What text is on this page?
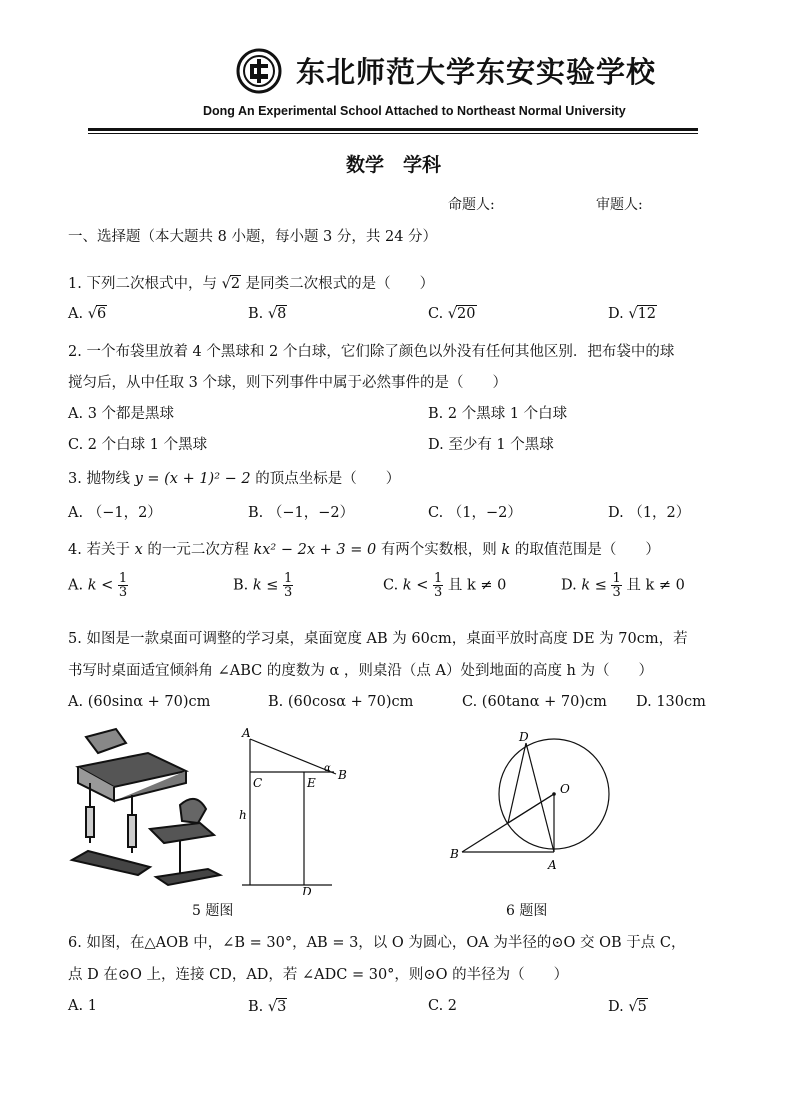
东北师范大学东安实验学校
Dong An Experimental School Attached to Northeast Normal University
数学　学科
命题人:	审题人:
一、选择题（本大题共 8 小题，每小题 3 分，共 24 分）
1. 下列二次根式中，与 √2 是同类二次根式的是（　　）
A. √6	B. √8	C. √20	D. √12
2. 一个布袋里放着 4 个黑球和 2 个白球，它们除了颜色以外没有任何其他区别．把布袋中的球
搅匀后，从中任取 3 个球，则下列事件中属于必然事件的是（　　）
A. 3 个都是黑球	B. 2 个黑球 1 个白球
C. 2 个白球 1 个黑球	D. 至少有 1 个黑球
3. 抛物线 y = (x + 1)² − 2 的顶点坐标是（　　）
A. （−1，2）	B. （−1，−2）	C. （1，−2）	D. （1，2）
4. 若关于 x 的一元二次方程 kx² − 2x + 3 = 0 有两个实数根，则 k 的取值范围是（　　）
A. $k < \frac{1}{3}$	B. $k \le \frac{1}{3}$	C. $k < \frac{1}{3}$ 且 k ≠ 0	D. $k \le \frac{1}{3}$ 且 k ≠ 0
5. 如图是一款桌面可调整的学习桌，桌面宽度 AB 为 60cm，桌面平放时高度 DE 为 70cm，若
书写时桌面适宜倾斜角 ∠ABC 的度数为 α ，则桌沿（点 A）处到地面的高度 h 为（　　）
A. (60sinα + 70)cm	B. (60cosα + 70)cm	C. (60tanα + 70)cm D. 130cm
A
B
C	E
D
h
α
5 题图
D
O
B
A
6 题图
6. 如图，在△AOB 中，∠B = 30°，AB = 3，以 O 为圆心，OA 为半径的⊙O 交 OB 于点 C，
点 D 在⊙O 上，连接 CD，AD，若 ∠ADC = 30°，则⊙O 的半径为（　　）
A. 1	B. √3	C. 2	D. √5
